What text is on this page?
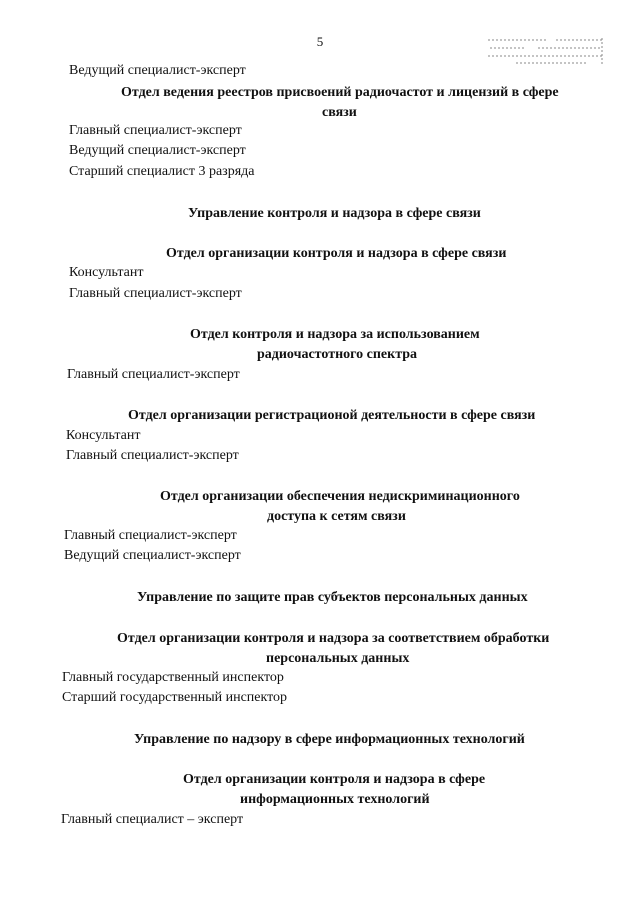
5
Ведущий специалист-эксперт
Отдел ведения реестров присвоений радиочастот и лицензий в сфере
связи
Главный специалист-эксперт
Ведущий специалист-эксперт
Старший специалист 3 разряда
Управление контроля и надзора в сфере связи
Отдел организации контроля и надзора в сфере связи
Консультант
Главный специалист-эксперт
Отдел контроля и надзора за использованием
радиочастотного спектра
Главный специалист-эксперт
Отдел организации регистрационой деятельности в сфере связи
Консультант
Главный специалист-эксперт
Отдел организации обеспечения недискриминационного
доступа к сетям связи
Главный специалист-эксперт
Ведущий специалист-эксперт
Управление по защите прав субъектов персональных данных
Отдел организации контроля и надзора за соответствием обработки
персональных данных
Главный государственный инспектор
Старший государственный инспектор
Управление по надзору в сфере информационных технологий
Отдел организации контроля и надзора в сфере
информационных технологий
Главный специалист – эксперт
